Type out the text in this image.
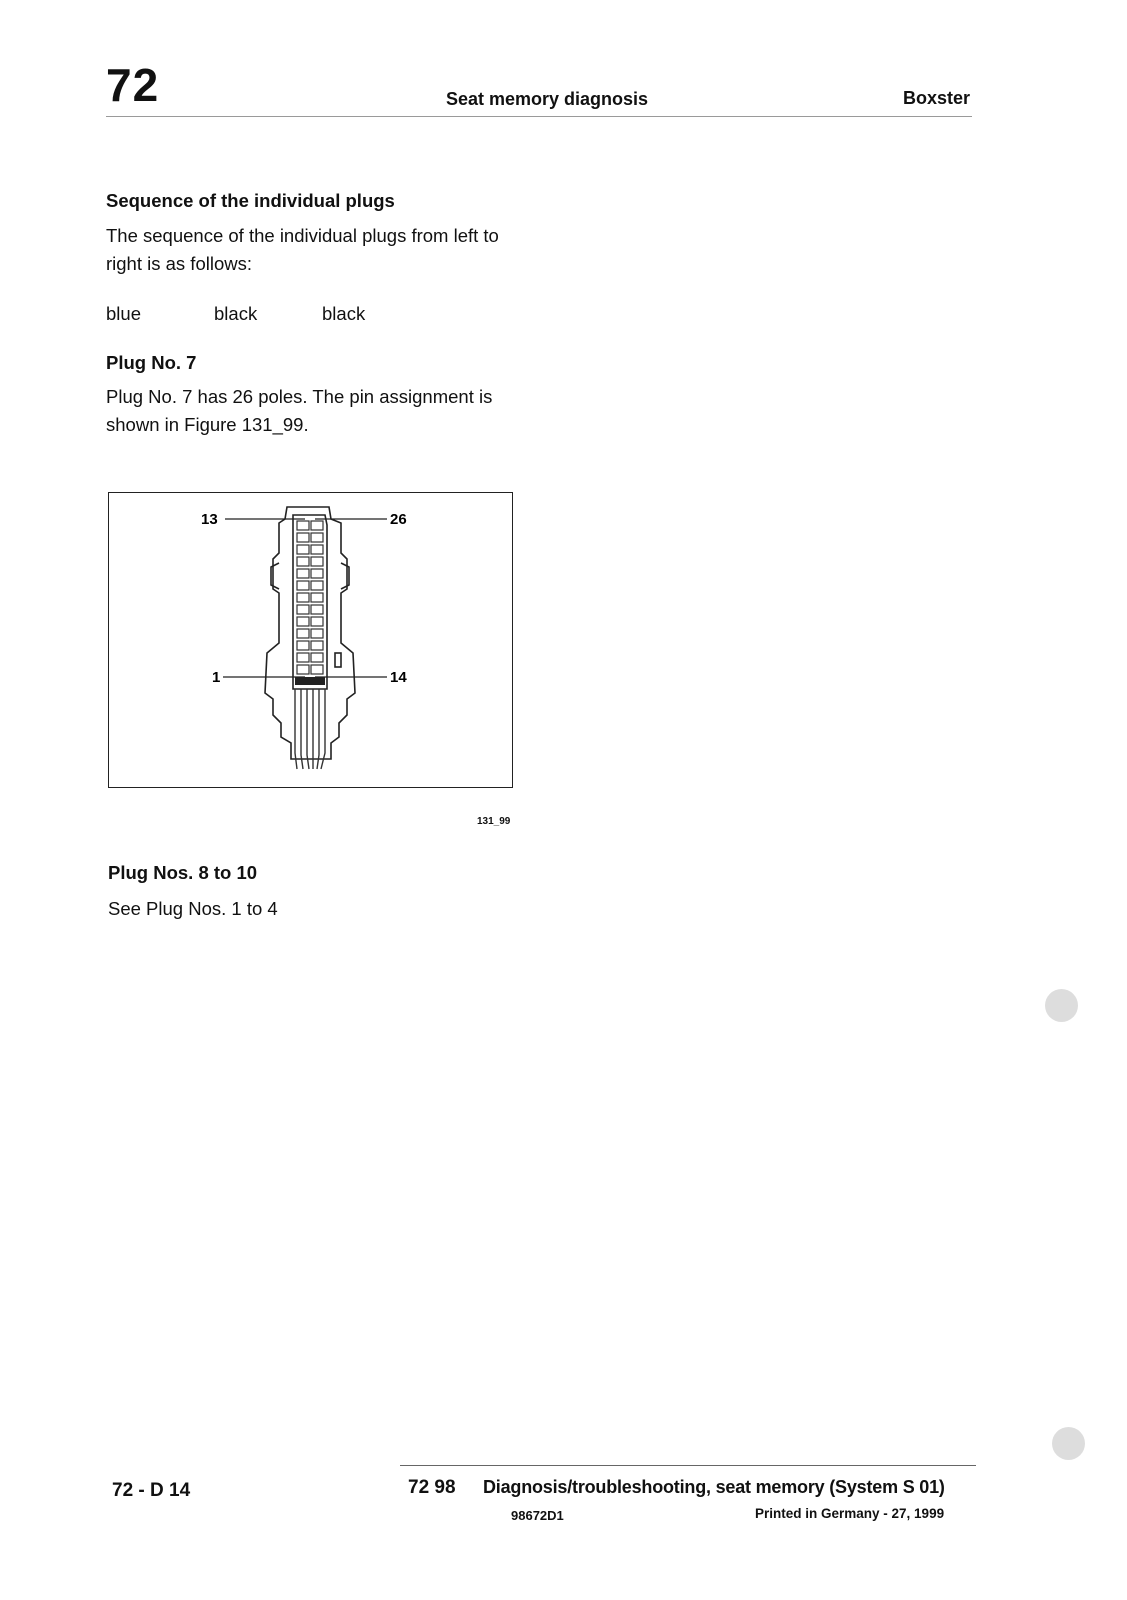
72	Seat memory diagnosis	Boxster
Sequence of the individual plugs
The sequence of the individual plugs from left to right is as follows:
blue	black	black
Plug No. 7
Plug No. 7 has 26 poles. The pin assignment is shown in Figure 131_99.
13	26
1	14
131_99
Plug Nos. 8 to 10
See Plug Nos. 1 to 4
72 - D 14	72 98 Diagnosis/troubleshooting, seat memory (System S 01)
98672D1	Printed in Germany - 27, 1999
